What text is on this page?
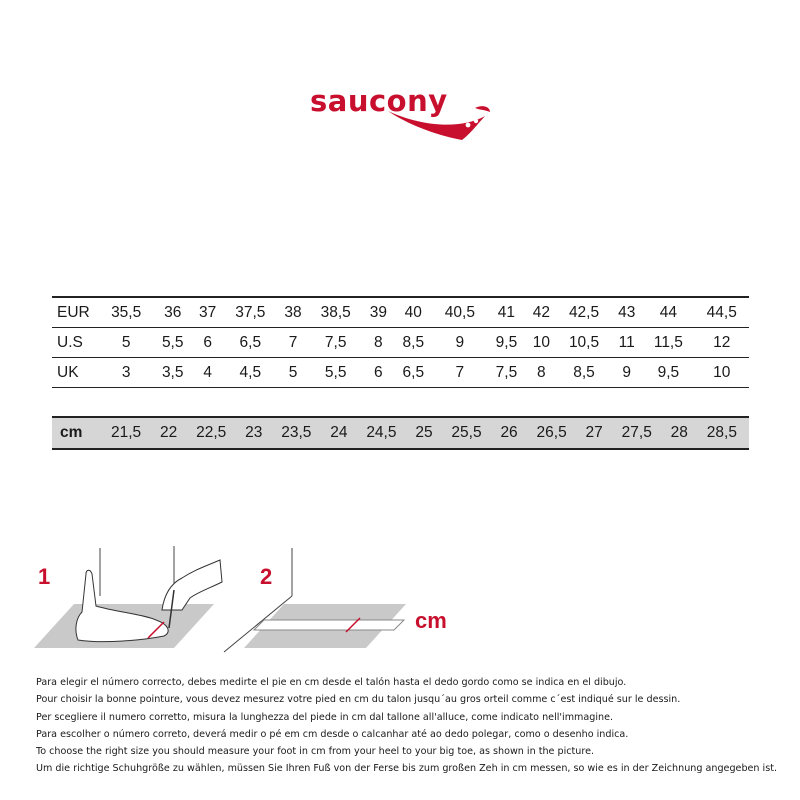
saucony
EUR	35,5	36	37	37,5	38	38,5	39	40	40,5	41	42	42,5	43	44	44,5
U.S	5	5,5	6	6,5	7	7,5	8	8,5	9	9,5	10	10,5	11	11,5	12
UK	3	3,5	4	4,5	5	5,5	6	6,5	7	7,5	8	8,5	9	9,5	10
cm	21,5	22	22,5	23	23,5	24	24,5	25	25,5	26	26,5	27	27,5	28	28,5
1	2
cm
Para elegir el número correcto, debes medirte el pie en cm desde el talón hasta el dedo gordo como se indica en el dibujo.
Pour choisir la bonne pointure, vous devez mesurez votre pied en cm du talon jusqu´au gros orteil comme c´est indiqué sur le dessin.
Per scegliere il numero corretto, misura la lunghezza del piede in cm dal tallone all'alluce, come indicato nell'immagine.
Para escolher o número correto, deverá medir o pé em cm desde o calcanhar até ao dedo polegar, como o desenho indica.
To choose the right size you should measure your foot in cm from your heel to your big toe, as shown in the picture.
Um die richtige Schuhgröße zu wählen, müssen Sie Ihren Fuß von der Ferse bis zum großen Zeh in cm messen, so wie es in der Zeichnung angegeben ist.
